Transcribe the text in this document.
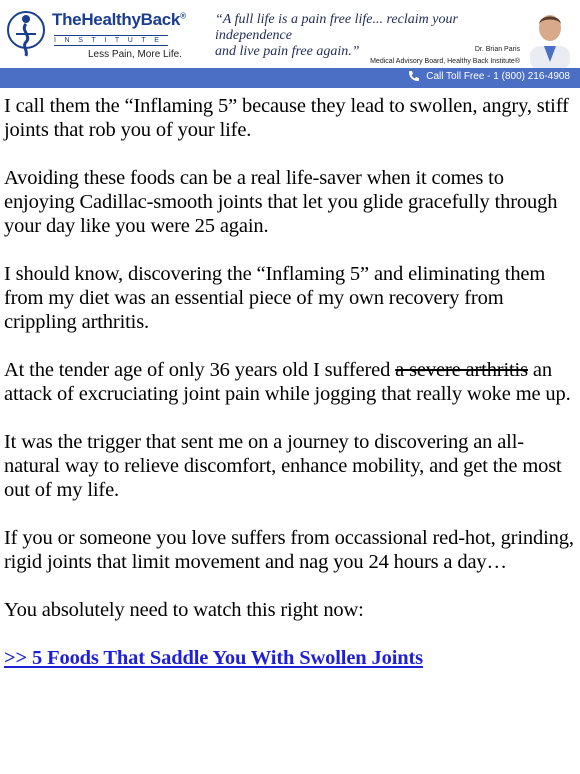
TheHealthyBack®
INSTITUTE
Less Pain, More Life.
“A full life is a pain free life... reclaim your independence
and live pain free again.”	Dr. Brian Paris
Medical Advisory Board, Healthy Back Institute®
Call Toll Free - 1 (800) 216-4908

I call them the “Inflaming 5” because they lead to swollen, angry, stiff joints that rob you of your life.

Avoiding these foods can be a real life-saver when it comes to enjoying Cadillac-smooth joints that let you glide gracefully through your day like you were 25 again.

I should know, discovering the “Inflaming 5” and eliminating them from my diet was an essential piece of my own recovery from crippling arthritis.

At the tender age of only 36 years old I suffered a severe arthritis an attack of excruciating joint pain while jogging that really woke me up.

It was the trigger that sent me on a journey to discovering an all-natural way to relieve discomfort, enhance mobility, and get the most out of my life.

If you or someone you love suffers from occassional red-hot, grinding, rigid joints that limit movement and nag you 24 hours a day…

You absolutely need to watch this right now:

>> 5 Foods That Saddle You With Swollen Joints
